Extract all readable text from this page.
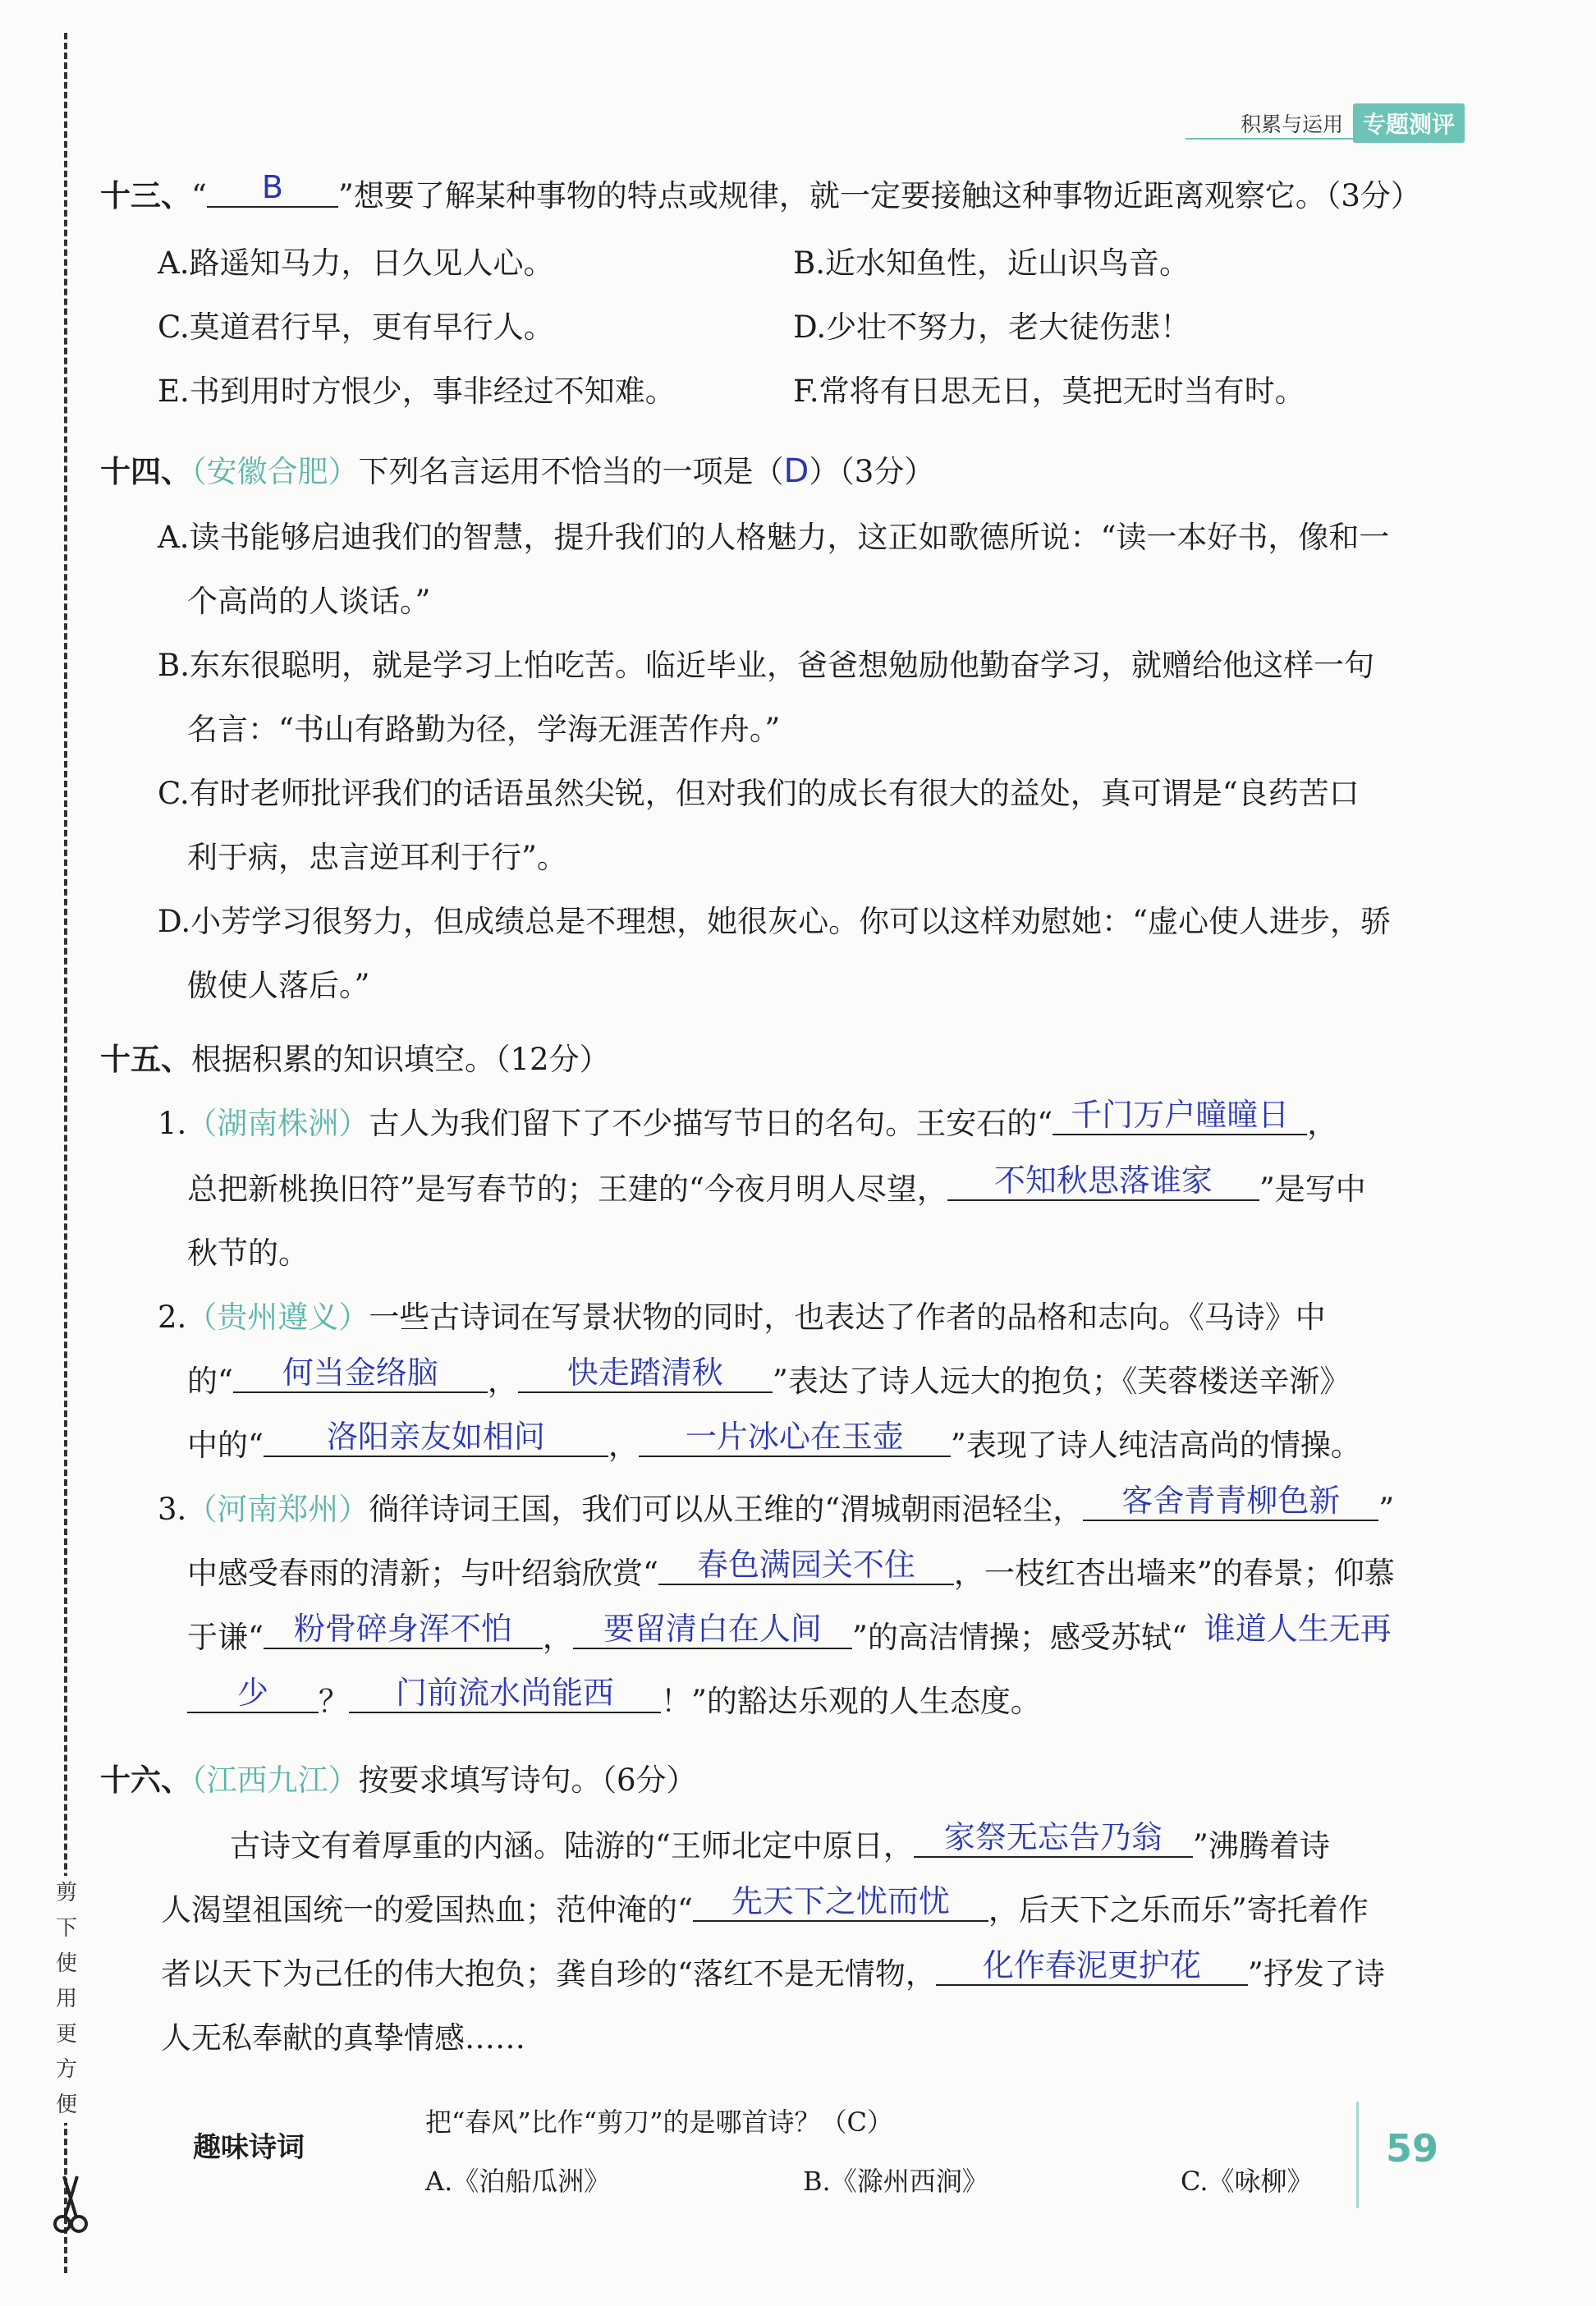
剪
下
使
用
更
方
便
积累与运用 专题测评
十三、“ B ”想要了解某种事物的特点或规律，就一定要接触这种事物近距离观察它。（3分）
A.路遥知马力，日久见人心。	B.近水知鱼性，近山识鸟音。
C.莫道君行早，更有早行人。	D.少壮不努力，老大徒伤悲！
E.书到用时方恨少，事非经过不知难。	F.常将有日思无日，莫把无时当有时。
十四、（安徽合肥）下列名言运用不恰当的一项是（D）（3分）
A.读书能够启迪我们的智慧，提升我们的人格魅力，这正如歌德所说：“读一本好书，像和一
个高尚的人谈话。”
B.东东很聪明，就是学习上怕吃苦。临近毕业，爸爸想勉励他勤奋学习，就赠给他这样一句
名言：“书山有路勤为径，学海无涯苦作舟。”
C.有时老师批评我们的话语虽然尖锐，但对我们的成长有很大的益处，真可谓是“良药苦口
利于病，忠言逆耳利于行”。
D.小芳学习很努力，但成绩总是不理想，她很灰心。你可以这样劝慰她：“虚心使人进步，骄
傲使人落后。”
十五、根据积累的知识填空。（12分）
1.（湖南株洲）古人为我们留下了不少描写节日的名句。王安石的“ 千门万户曈曈日 ，
总把新桃换旧符”是写春节的；王建的“今夜月明人尽望， 不知秋思落谁家 ”是写中
秋节的。
2.（贵州遵义）一些古诗词在写景状物的同时，也表达了作者的品格和志向。《马诗》中
的“ 何当金络脑 ， 快走踏清秋 ”表达了诗人远大的抱负；《芙蓉楼送辛渐》
中的“ 洛阳亲友如相问 ， 一片冰心在玉壶 ”表现了诗人纯洁高尚的情操。
3.（河南郑州）徜徉诗词王国，我们可以从王维的“渭城朝雨浥轻尘， 客舍青青柳色新 ”
中感受春雨的清新；与叶绍翁欣赏“ 春色满园关不住 ，一枝红杏出墙来”的春景；仰慕
于谦“ 粉骨碎身浑不怕 ， 要留清白在人间 ”的高洁情操；感受苏轼“ 谁道人生无再
少 ？ 门前流水尚能西 ！”的豁达乐观的人生态度。
十六、（江西九江）按要求填写诗句。（6分）
古诗文有着厚重的内涵。陆游的“王师北定中原日， 家祭无忘告乃翁 ”沸腾着诗
人渴望祖国统一的爱国热血；范仲淹的“ 先天下之忧而忧 ，后天下之乐而乐”寄托着作
者以天下为己任的伟大抱负；龚自珍的“落红不是无情物， 化作春泥更护花 ”抒发了诗
人无私奉献的真挚情感……
趣味诗词
把“春风”比作“剪刀”的是哪首诗？（C）
A.《泊船瓜洲》	B.《滁州西涧》	C.《咏柳》
59
